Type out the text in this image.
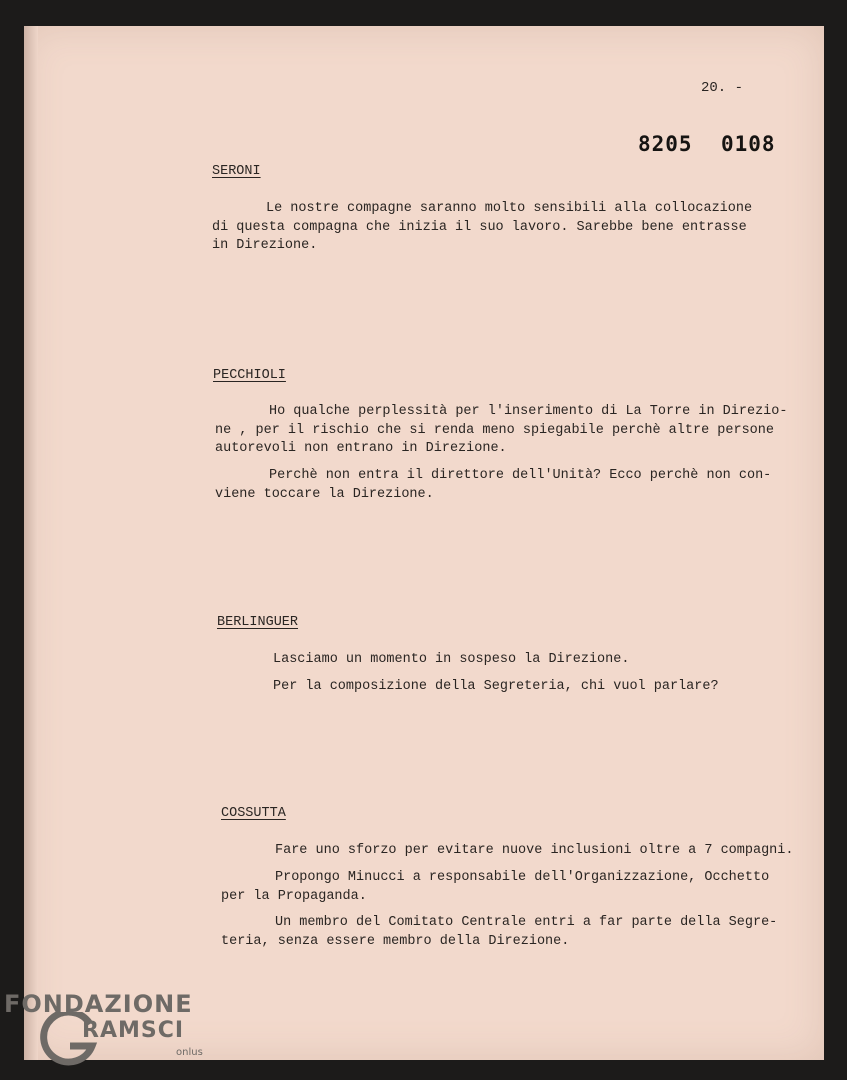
20. -
8205 0108
SERONI
Le nostre compagne saranno molto sensibili alla collocazione
di questa compagna che inizia il suo lavoro. Sarebbe bene entrasse
in Direzione.
PECCHIOLI
Ho qualche perplessità per l'inserimento di La Torre in Direzio-
ne , per il rischio che si renda meno spiegabile perchè altre persone
autorevoli non entrano in Direzione.
Perchè non entra il direttore dell'Unità? Ecco perchè non con-
viene toccare la Direzione.
BERLINGUER
Lasciamo un momento in sospeso la Direzione.
Per la composizione della Segreteria, chi vuol parlare?
COSSUTTA
Fare uno sforzo per evitare nuove inclusioni oltre a 7 compagni.
Propongo Minucci a responsabile dell'Organizzazione, Occhetto
per la Propaganda.
Un membro del Comitato Centrale entri a far parte della Segre-
teria, senza essere membro della Direzione.
FONDAZIONE
RAMSCI
onlus
